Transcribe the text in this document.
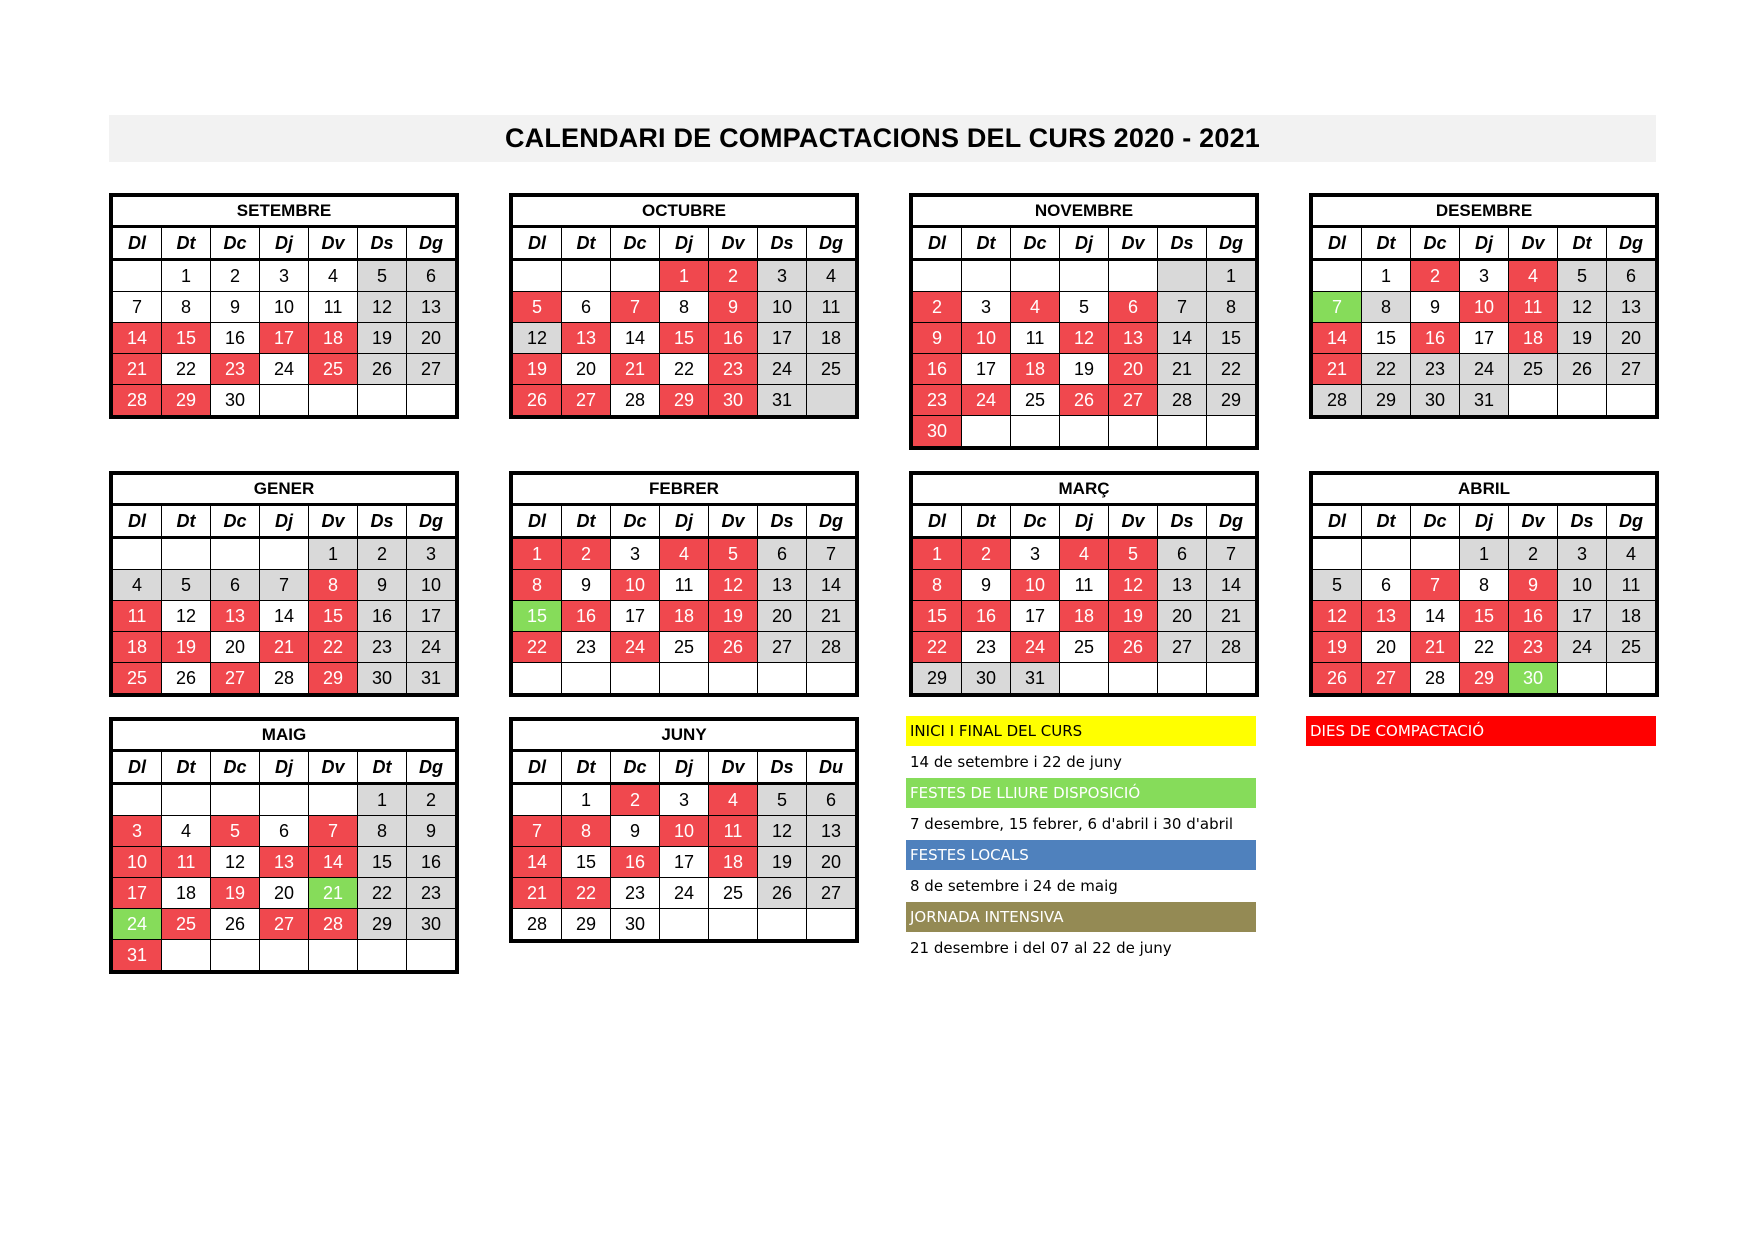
CALENDARI DE COMPACTACIONS DEL CURS 2020 - 2021
SETEMBRE						
Dl	Dt	Dc	Dj	Dv	Ds	Dg
	1	2	3	4	5	6
7	8	9	10	11	12	13
14	15	16	17	18	19	20
21	22	23	24	25	26	27
28	29	30				
OCTUBRE						
Dl	Dt	Dc	Dj	Dv	Ds	Dg
			1	2	3	4
5	6	7	8	9	10	11
12	13	14	15	16	17	18
19	20	21	22	23	24	25
26	27	28	29	30	31	
NOVEMBRE						
Dl	Dt	Dc	Dj	Dv	Ds	Dg
						1
2	3	4	5	6	7	8
9	10	11	12	13	14	15
16	17	18	19	20	21	22
23	24	25	26	27	28	29
30						
DESEMBRE						
Dl	Dt	Dc	Dj	Dv	Dt	Dg
	1	2	3	4	5	6
7	8	9	10	11	12	13
14	15	16	17	18	19	20
21	22	23	24	25	26	27
28	29	30	31			
GENER						
Dl	Dt	Dc	Dj	Dv	Ds	Dg
				1	2	3
4	5	6	7	8	9	10
11	12	13	14	15	16	17
18	19	20	21	22	23	24
25	26	27	28	29	30	31
FEBRER						
Dl	Dt	Dc	Dj	Dv	Ds	Dg
1	2	3	4	5	6	7
8	9	10	11	12	13	14
15	16	17	18	19	20	21
22	23	24	25	26	27	28

MARÇ						
Dl	Dt	Dc	Dj	Dv	Ds	Dg
1	2	3	4	5	6	7
8	9	10	11	12	13	14
15	16	17	18	19	20	21
22	23	24	25	26	27	28
29	30	31				
ABRIL						
Dl	Dt	Dc	Dj	Dv	Ds	Dg
			1	2	3	4
5	6	7	8	9	10	11
12	13	14	15	16	17	18
19	20	21	22	23	24	25
26	27	28	29	30		
MAIG						
Dl	Dt	Dc	Dj	Dv	Dt	Dg
					1	2
3	4	5	6	7	8	9
10	11	12	13	14	15	16
17	18	19	20	21	22	23
24	25	26	27	28	29	30
31						
JUNY						
Dl	Dt	Dc	Dj	Dv	Ds	Du
	1	2	3	4	5	6
7	8	9	10	11	12	13
14	15	16	17	18	19	20
21	22	23	24	25	26	27
28	29	30				
INICI I FINAL DEL CURS
14 de setembre i 22 de juny
FESTES DE LLIURE DISPOSICIÓ
7 desembre, 15 febrer, 6 d'abril i 30 d'abril
FESTES LOCALS
8 de setembre i 24 de maig
JORNADA INTENSIVA
21 desembre i del 07 al 22 de juny
DIES DE COMPACTACIÓ
